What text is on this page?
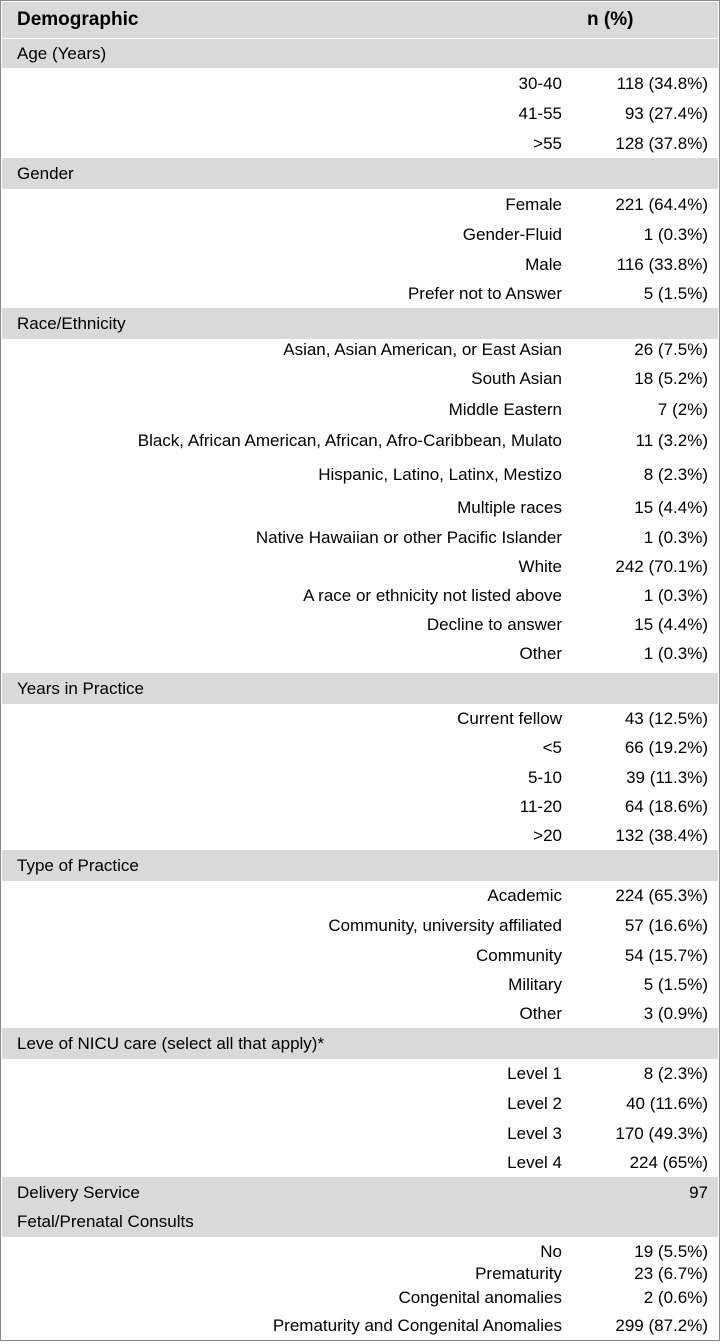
Demographic	n (%)
Age (Years)
30-40	118 (34.8%)
41-55	93 (27.4%)
>55	128 (37.8%)
Gender
Female	221 (64.4%)
Gender-Fluid	1 (0.3%)
Male	116 (33.8%)
Prefer not to Answer	5 (1.5%)
Race/Ethnicity
Asian, Asian American, or East Asian	26 (7.5%)
South Asian	18 (5.2%)
Middle Eastern	7 (2%)
Black, African American, African, Afro-Caribbean, Mulato	11 (3.2%)
Hispanic, Latino, Latinx, Mestizo	8 (2.3%)
Multiple races	15 (4.4%)
Native Hawaiian or other Pacific Islander	1 (0.3%)
White	242 (70.1%)
A race or ethnicity not listed above	1 (0.3%)
Decline to answer	15 (4.4%)
Other	1 (0.3%)
Years in Practice
Current fellow	43 (12.5%)
<5	66 (19.2%)
5-10	39 (11.3%)
11-20	64 (18.6%)
>20	132 (38.4%)
Type of Practice
Academic	224 (65.3%)
Community, university affiliated	57 (16.6%)
Community	54 (15.7%)
Military	5 (1.5%)
Other	3 (0.9%)
Leve of NICU care (select all that apply)*
Level 1	8 (2.3%)
Level 2	40 (11.6%)
Level 3	170 (49.3%)
Level 4	224 (65%)
Delivery Service	97
Fetal/Prenatal Consults
No	19 (5.5%)
Prematurity	23 (6.7%)
Congenital anomalies	2 (0.6%)
Prematurity and Congenital Anomalies	299 (87.2%)
